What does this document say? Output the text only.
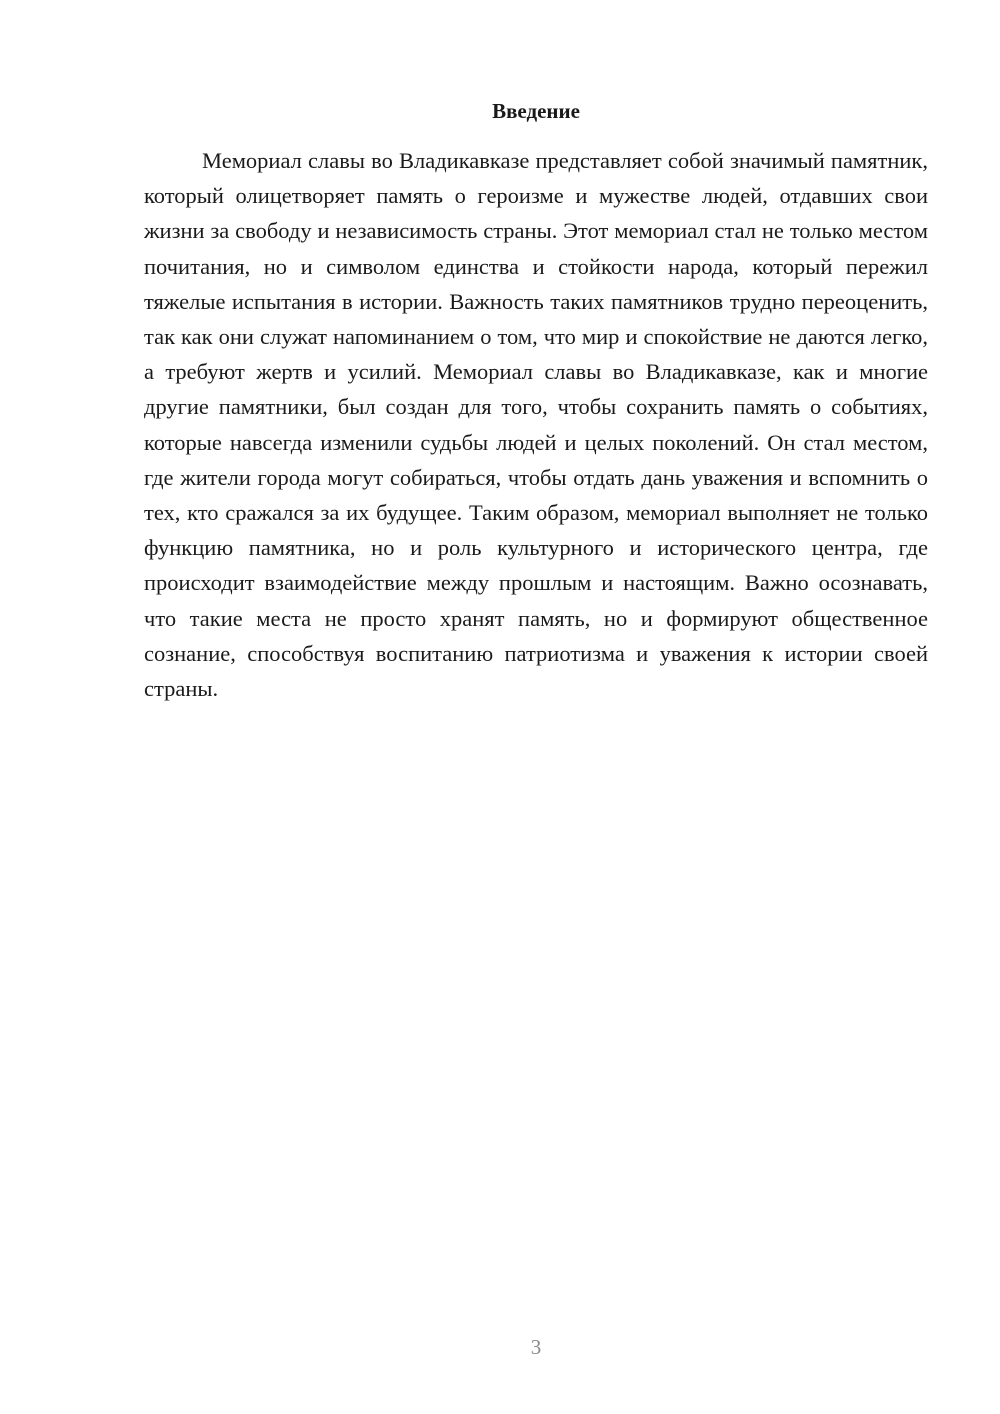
Введение

Мемориал славы во Владикавказе представляет собой значимый памятник, который олицетворяет память о героизме и мужестве людей, отдавших свои жизни за свободу и независимость страны. Этот мемориал стал не только местом почитания, но и символом единства и стойкости народа, который пережил тяжелые испытания в истории. Важность таких памятников трудно переоценить, так как они служат напоминанием о том, что мир и спокойствие не даются легко, а требуют жертв и усилий. Мемориал славы во Владикавказе, как и многие другие памятники, был создан для того, чтобы сохранить память о событиях, которые навсегда изменили судьбы людей и целых поколений. Он стал местом, где жители города могут собираться, чтобы отдать дань уважения и вспомнить о тех, кто сражался за их будущее. Таким образом, мемориал выполняет не только функцию памятника, но и роль культурного и исторического центра, где происходит взаимодействие между прошлым и настоящим. Важно осознавать, что такие места не просто хранят память, но и формируют общественное сознание, способствуя воспитанию патриотизма и уважения к истории своей страны.

3
